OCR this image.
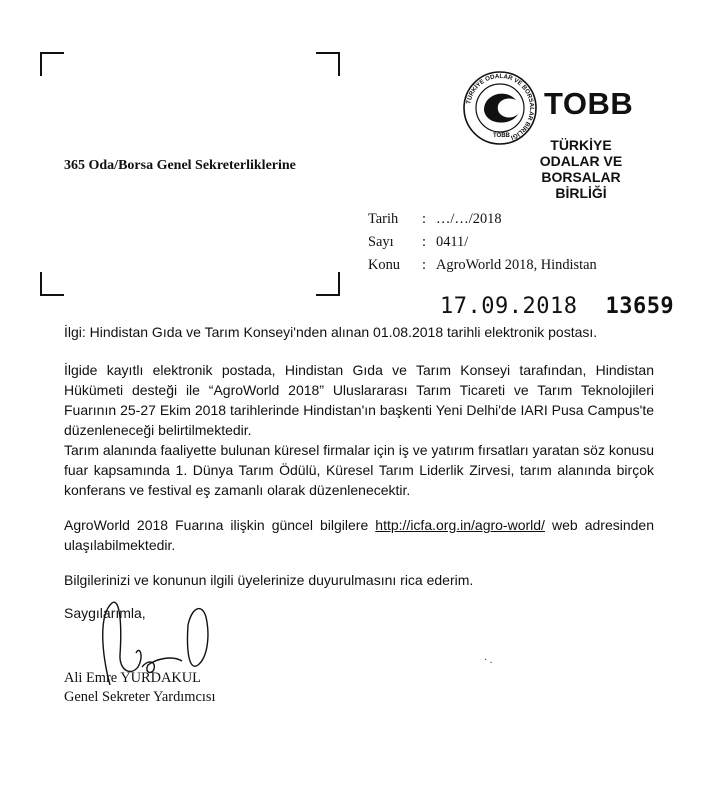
TÜRKİYE ODALAR VE BORSALAR BİRLİĞİ
TOBB
TOBB
TÜRKİYE
ODALAR VE BORSALAR
BİRLİĞİ
365 Oda/Borsa Genel Sekreterliklerine
Tarih : …/…/2018
Sayı : 0411/
Konu : AgroWorld 2018, Hindistan
17.09.2018 13659
İlgi: Hindistan Gıda ve Tarım Konseyi'nden alınan 01.08.2018 tarihli elektronik postası.
İlgide kayıtlı elektronik postada, Hindistan Gıda ve Tarım Konseyi tarafından, Hindistan Hükümeti desteği ile “AgroWorld 2018” Uluslararası Tarım Ticareti ve Tarım Teknolojileri Fuarının 25-27 Ekim 2018 tarihlerinde Hindistan'ın başkenti Yeni Delhi'de IARI Pusa Campus'te düzenleneceği belirtilmektedir.
Tarım alanında faaliyette bulunan küresel firmalar için iş ve yatırım fırsatları yaratan söz konusu fuar kapsamında 1. Dünya Tarım Ödülü, Küresel Tarım Liderlik Zirvesi, tarım alanında birçok konferans ve festival eş zamanlı olarak düzenlenecektir.
AgroWorld 2018 Fuarına ilişkin güncel bilgilere http://icfa.org.in/agro-world/ web adresinden ulaşılabilmektedir.
Bilgilerinizi ve konunun ilgili üyelerinize duyurulmasını rica ederim.
Saygılarımla,
Ali Emre YURDAKUL
Genel Sekreter Yardımcısı
· .
